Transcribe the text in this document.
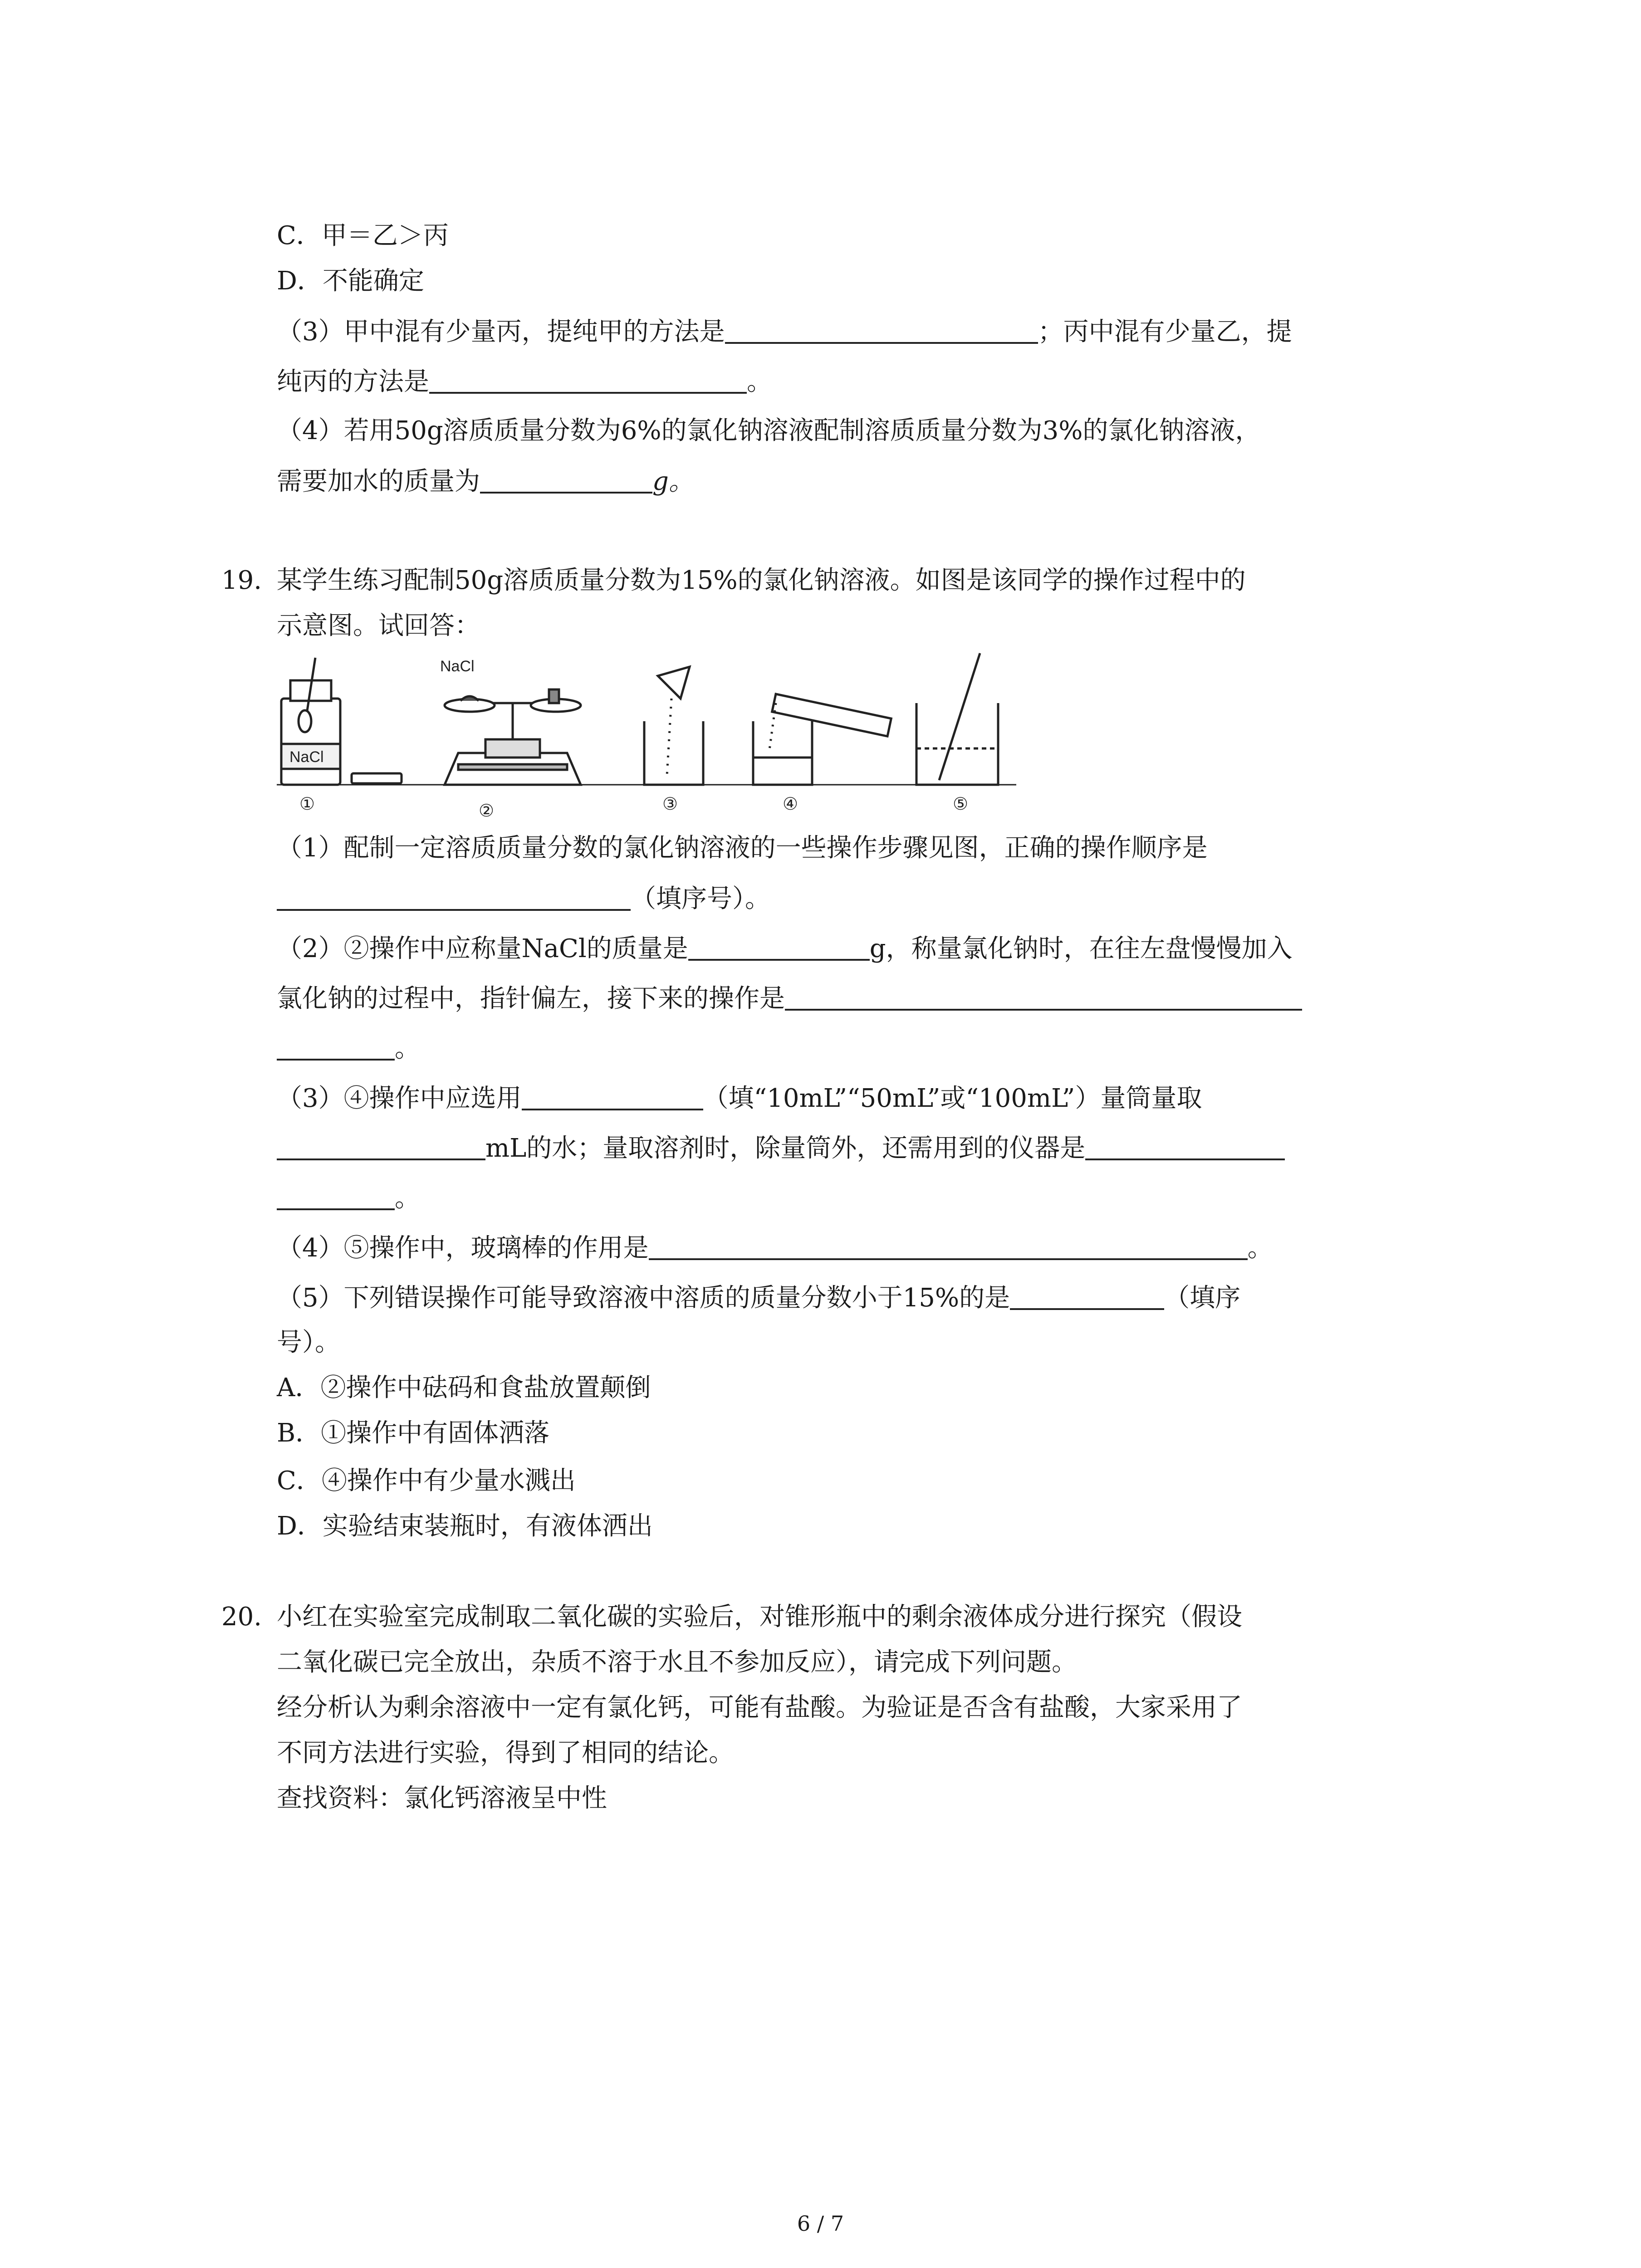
C．甲＝乙＞丙
D．不能确定
（3）甲中混有少量丙，提纯甲的方法是	；丙中混有少量乙，提
纯丙的方法是	。
（4）若用50g溶质质量分数为6%的氯化钠溶液配制溶质质量分数为3%的氯化钠溶液，
需要加水的质量为	g。
19. 某学生练习配制50g溶质质量分数为15%的氯化钠溶液。如图是该同学的操作过程中的
示意图。试回答：
NaCl
NaCl
①	②	③	④	⑤
（1）配制一定溶质质量分数的氯化钠溶液的一些操作步骤见图，正确的操作顺序是
（填序号）。
（2）②操作中应称量NaCl的质量是	g，称量氯化钠时，在往左盘慢慢加入
氯化钠的过程中，指针偏左，接下来的操作是
。
（3）④操作中应选用	（填“10mL”“50mL”或“100mL”）量筒量取
mL的水；量取溶剂时，除量筒外，还需用到的仪器是
。
（4）⑤操作中，玻璃棒的作用是	。
（5）下列错误操作可能导致溶液中溶质的质量分数小于15%的是	（填序
号）。
A．②操作中砝码和食盐放置颠倒
B．①操作中有固体洒落
C．④操作中有少量水溅出
D．实验结束装瓶时，有液体洒出
20. 小红在实验室完成制取二氧化碳的实验后，对锥形瓶中的剩余液体成分进行探究（假设
二氧化碳已完全放出，杂质不溶于水且不参加反应），请完成下列问题。
经分析认为剩余溶液中一定有氯化钙，可能有盐酸。为验证是否含有盐酸，大家采用了
不同方法进行实验，得到了相同的结论。
查找资料：氯化钙溶液呈中性
6 / 7
